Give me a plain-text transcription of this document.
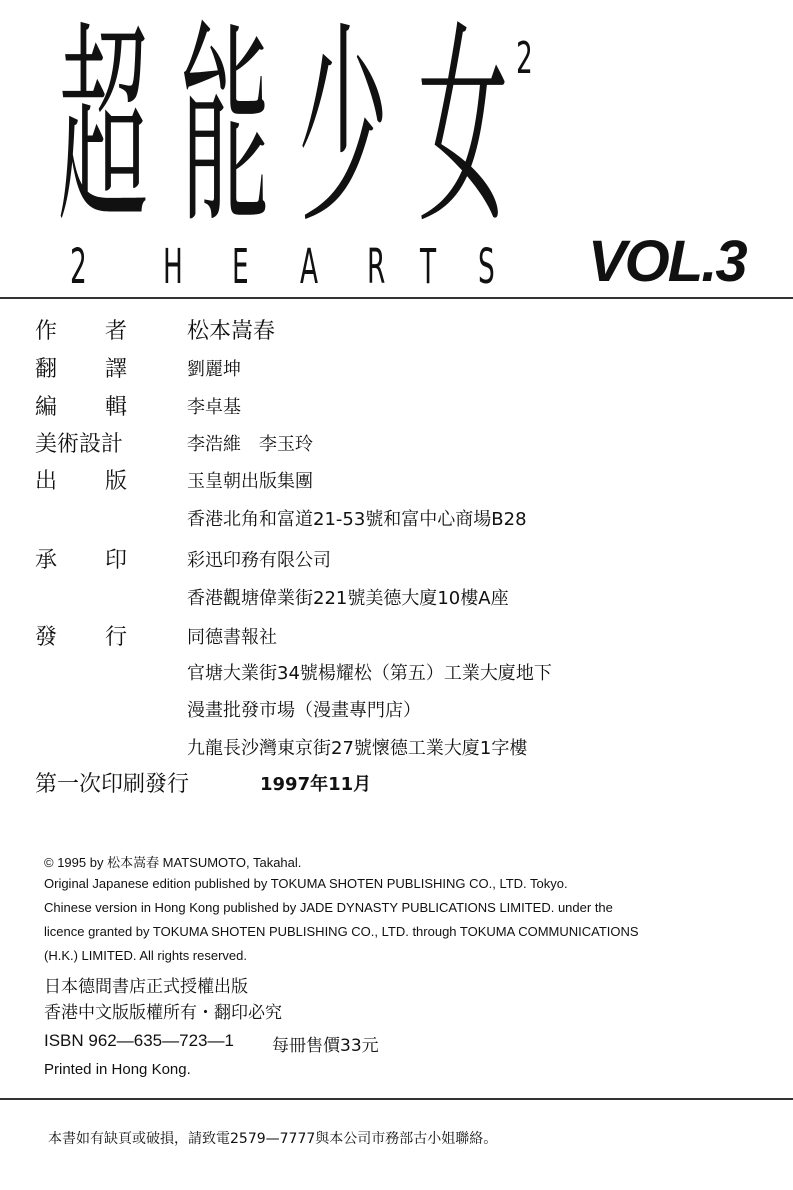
超 能 少 女 2
2 H E A R T S VOL.3
作者 松本嵩春
翻譯 劉麗坤
編輯 李卓基
美術設計	李浩維　李玉玲
出版 玉皇朝出版集團
香港北角和富道21-53號和富中心商場B28
承印 彩迅印務有限公司
香港觀塘偉業街221號美德大廈10樓A座
發行 同德書報社
官塘大業街34號楊耀松（第五）工業大廈地下
漫畫批發市場（漫畫專門店）
九龍長沙灣東京街27號懷德工業大廈1字樓
第一次印刷發行	1997年11月
© 1995 by 松本嵩春 MATSUMOTO, Takahal.
Original Japanese edition published by TOKUMA SHOTEN PUBLISHING CO., LTD. Tokyo.
Chinese version in Hong Kong published by JADE DYNASTY PUBLICATIONS LIMITED. under the
licence granted by TOKUMA SHOTEN PUBLISHING CO., LTD. through TOKUMA COMMUNICATIONS
(H.K.) LIMITED. All rights reserved.
日本德間書店正式授權出版
香港中文版版權所有・翻印必究
ISBN 962—635—723—1 每冊售價33元
Printed in Hong Kong.
本書如有缺頁或破損，請致電2579—7777與本公司市務部古小姐聯絡。
